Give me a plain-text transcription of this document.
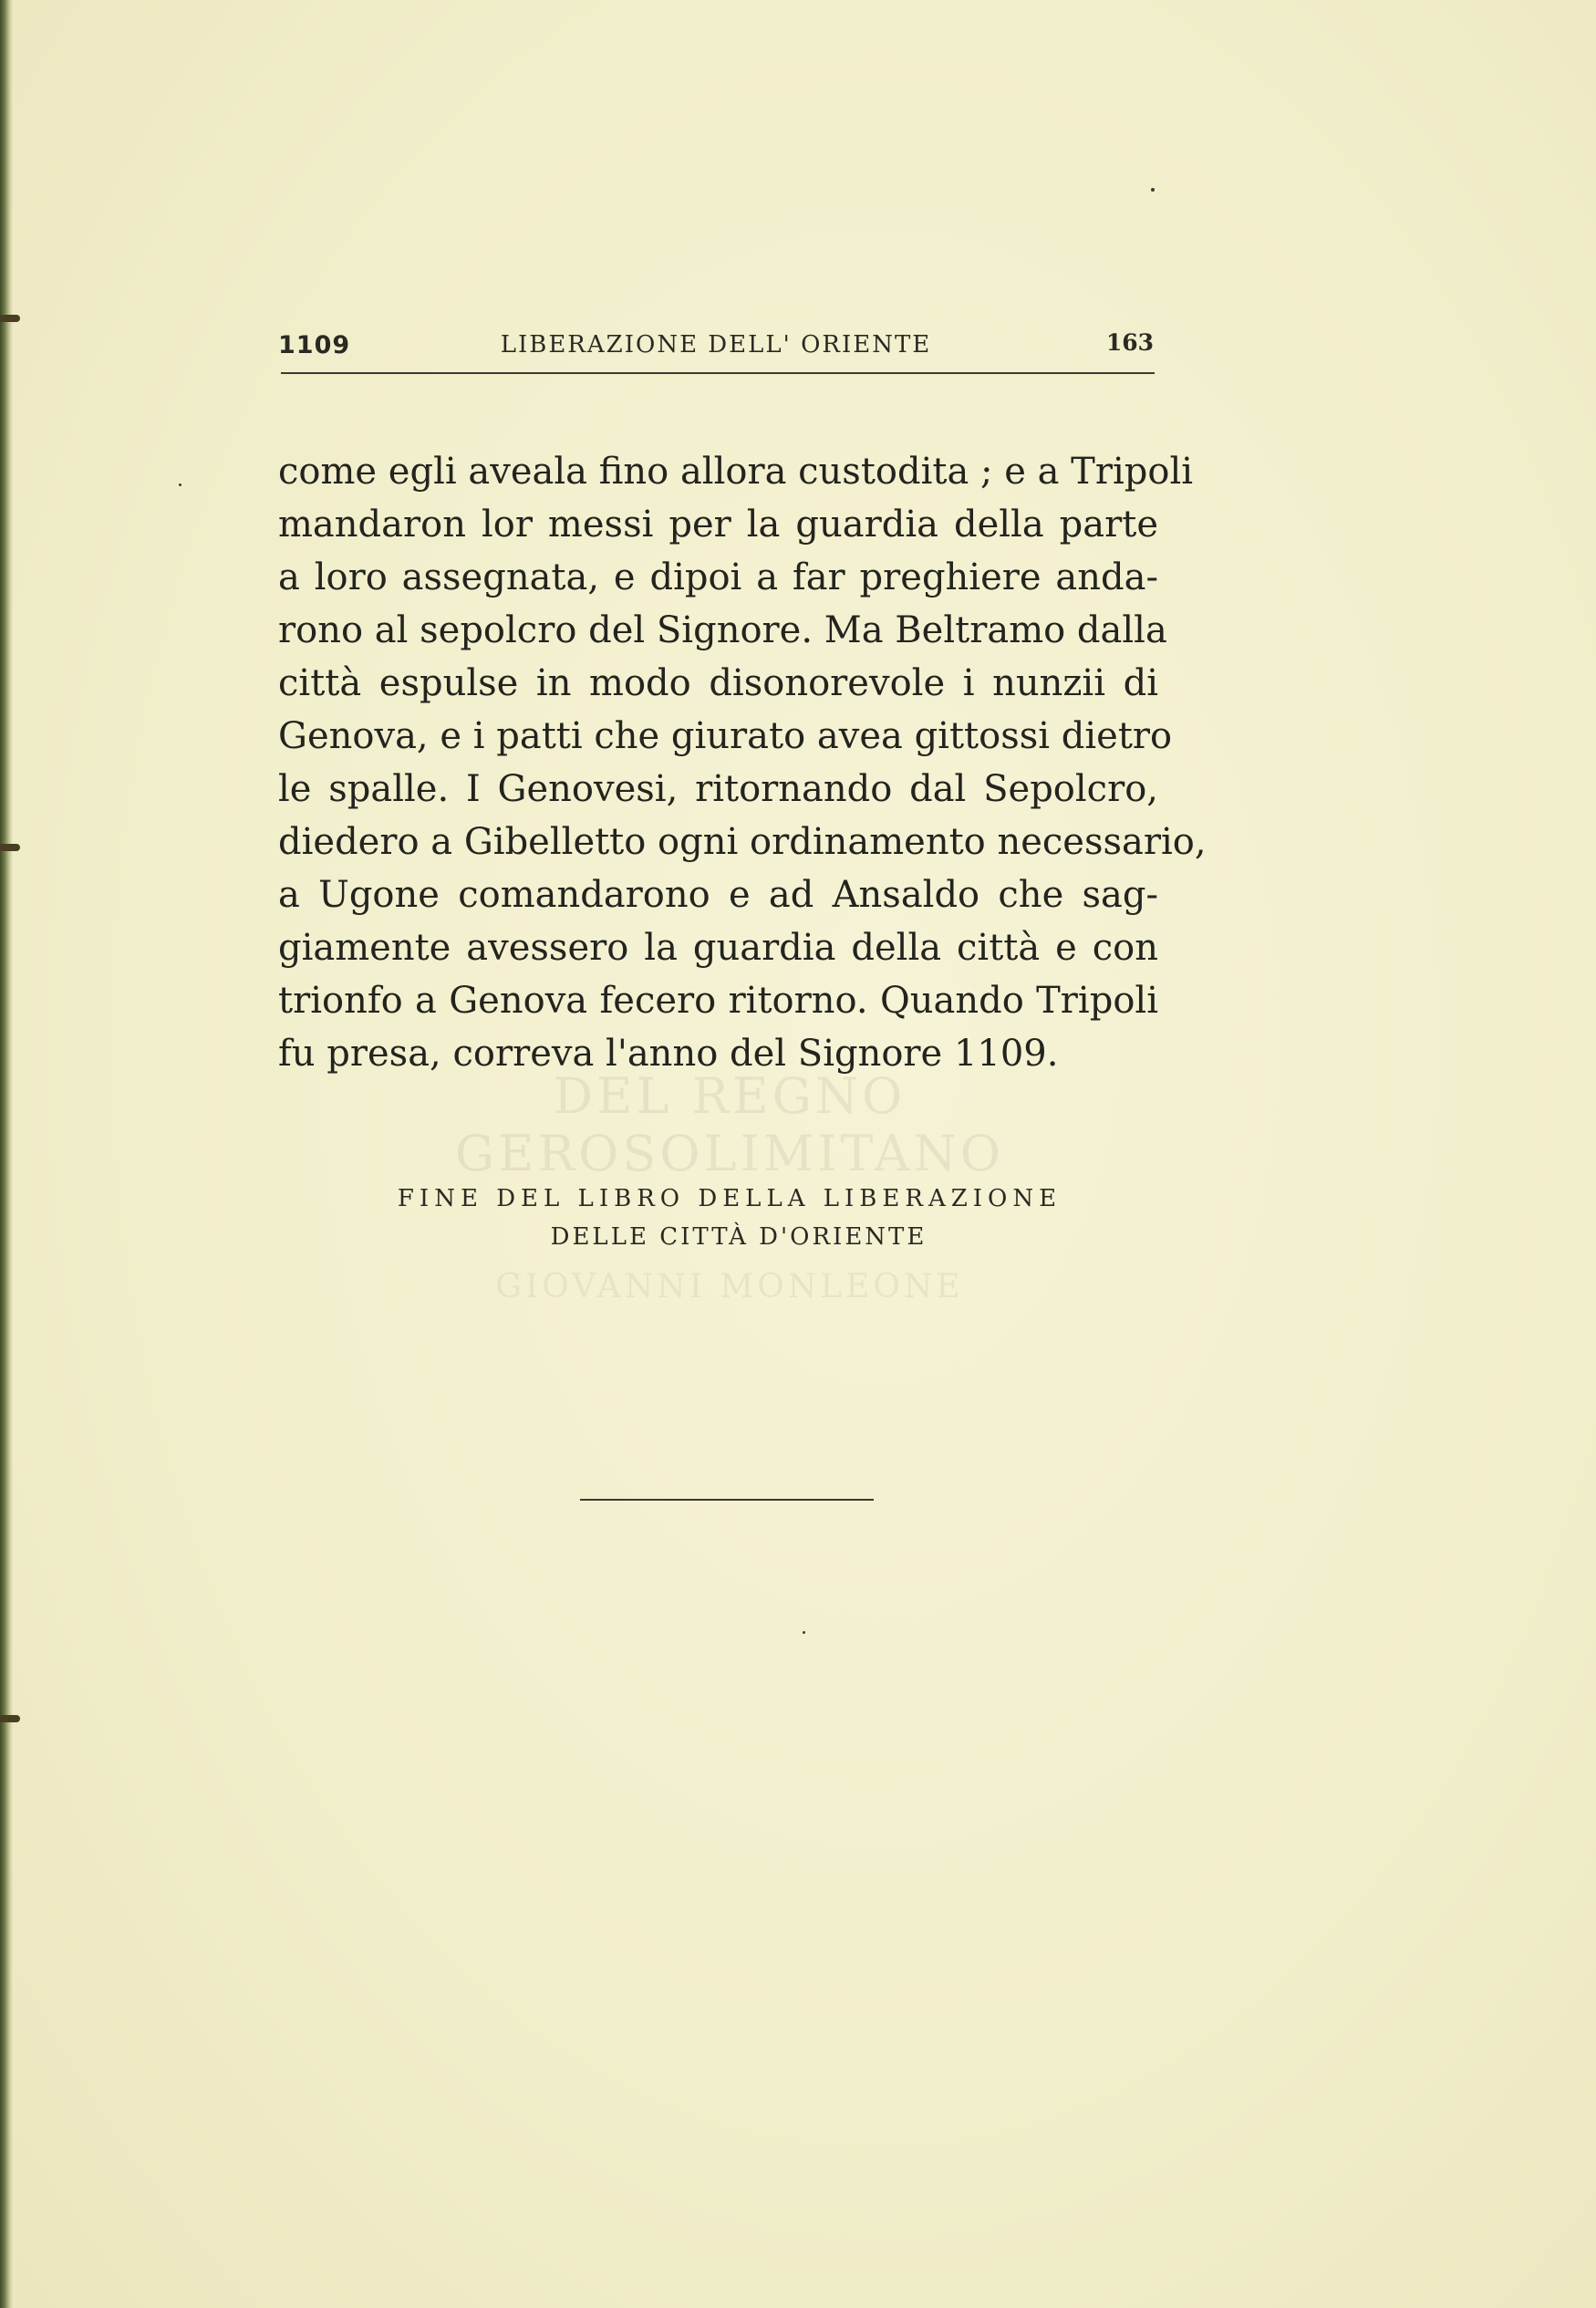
DEL REGNO GEROSOLIMITANO
GIOVANNI MONLEONE
1109	LIBERAZIONE DELL' ORIENTE	163
come egli aveala fino allora custodita ; e a Tripoli
mandaron lor messi per la guardia della parte
a loro assegnata, e dipoi a far preghiere anda-
rono al sepolcro del Signore. Ma Beltramo dalla
città espulse in modo disonorevole i nunzii di
Genova, e i patti che giurato avea gittossi dietro
le spalle. I Genovesi, ritornando dal Sepolcro,
diedero a Gibelletto ogni ordinamento necessario,
a Ugone comandarono e ad Ansaldo che sag-
giamente avessero la guardia della città e con
trionfo a Genova fecero ritorno. Quando Tripoli
fu presa, correva l'anno del Signore 1109.
FINE DEL LIBRO DELLA LIBERAZIONE
DELLE CITTÀ D'ORIENTE
